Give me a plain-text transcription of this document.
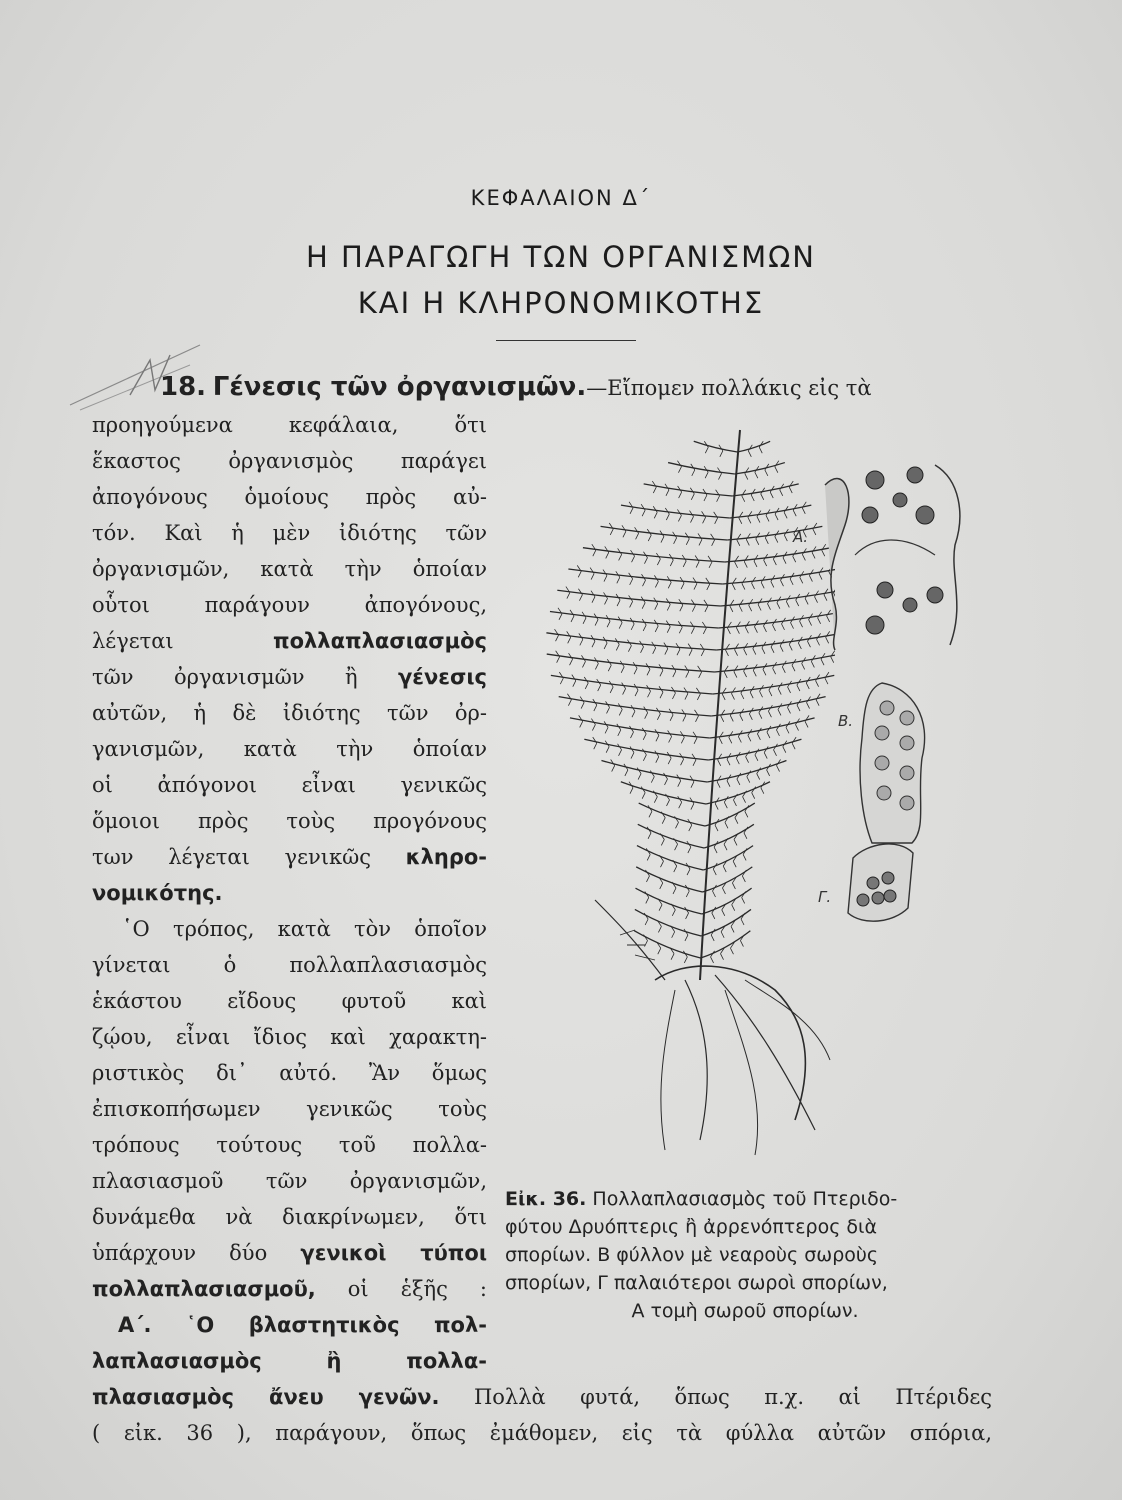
ΚΕΦΑΛΑΙΟΝ Δ΄
Η ΠΑΡΑΓΩΓΗ ΤΩΝ ΟΡΓΑΝΙΣΜΩΝ
ΚΑΙ Η ΚΛΗΡΟΝΟΜΙΚΟΤΗΣ
18. Γένεσις τῶν ὀργανισμῶν.—Εἴπομεν πολλάκις εἰς τὰ
προηγούμενα κεφάλαια, ὅτι
ἕκαστος ὀργανισμὸς παράγει
ἀπογόνους ὁμοίους πρὸς αὐ-
τόν. Καὶ ἡ μὲν ἰδιότης τῶν
ὀργανισμῶν, κατὰ τὴν ὁποίαν
οὗτοι παράγουν ἀπογόνους,
λέγεται	πολλαπλασιασμὸς
τῶν ὀργανισμῶν ἢ γένεσις
αὐτῶν, ἡ δὲ ἰδιότης τῶν ὀρ-
γανισμῶν, κατὰ τὴν ὁποίαν
οἱ ἀπόγονοι εἶναι γενικῶς
ὅμοιοι πρὸς τοὺς προγόνους
των λέγεται γενικῶς κληρο-
νομικότης.
῾Ο τρόπος, κατὰ τὸν ὁποῖον
γίνεται ὁ πολλαπλασιασμὸς
ἑκάστου εἴδους φυτοῦ καὶ
ζῴου, εἶναι ἴδιος καὶ χαρακτη-
ριστικὸς δι᾿ αὐτό. Ἂν ὅμως
ἐπισκοπήσωμεν γενικῶς τοὺς
τρόπους τούτους τοῦ πολλα-
πλασιασμοῦ τῶν ὀργανισμῶν,
δυνάμεθα νὰ διακρίνωμεν, ὅτι
ὑπάρχουν δύο γενικοὶ τύποι
πολλαπλασιασμοῦ, οἱ ἑξῆς :
Α΄. ῾Ο βλαστητικὸς πολ-
λαπλασιασμὸς ἢ πολλα-
πλασιασμὸς ἄνευ γενῶν. Πολλὰ φυτά, ὅπως π.χ. αἱ Πτέριδες
( εἰκ. 36 ), παράγουν, ὅπως ἐμάθομεν, εἰς τὰ φύλλα αὐτῶν σπόρια,
Α.
Β.
Γ.
Εἰκ. 36. Πολλαπλασιασμὸς τοῦ Πτεριδο-
φύτου Δρυόπτερις ἢ ἀρρενόπτερος διὰ
σπορίων. Β φύλλον μὲ νεαροὺς σωροὺς
σπορίων, Γ παλαιότεροι σωροὶ σπορίων,
Α τομὴ σωροῦ σπορίων.
